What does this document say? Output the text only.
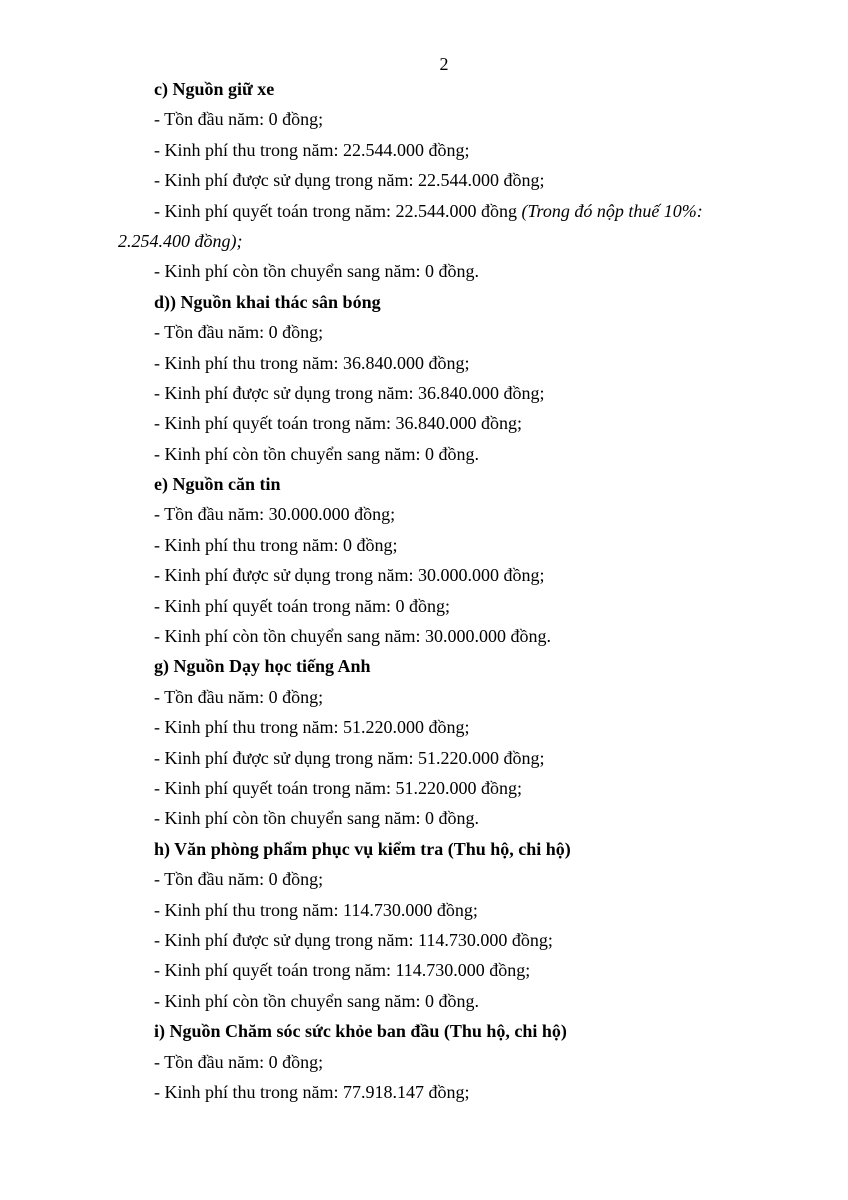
2
c) Nguồn giữ xe
- Tồn đầu năm: 0 đồng;
- Kinh phí thu trong năm: 22.544.000 đồng;
- Kinh phí được sử dụng trong năm: 22.544.000 đồng;
- Kinh phí quyết toán trong năm: 22.544.000 đồng (Trong đó nộp thuế 10%:
2.254.400 đồng);
- Kinh phí còn tồn chuyển sang năm: 0 đồng.
d)) Nguồn khai thác sân bóng
- Tồn đầu năm: 0 đồng;
- Kinh phí thu trong năm: 36.840.000 đồng;
- Kinh phí được sử dụng trong năm: 36.840.000 đồng;
- Kinh phí quyết toán trong năm: 36.840.000 đồng;
- Kinh phí còn tồn chuyển sang năm: 0 đồng.
e) Nguồn căn tin
- Tồn đầu năm: 30.000.000 đồng;
- Kinh phí thu trong năm: 0 đồng;
- Kinh phí được sử dụng trong năm: 30.000.000 đồng;
- Kinh phí quyết toán trong năm: 0 đồng;
- Kinh phí còn tồn chuyển sang năm: 30.000.000 đồng.
g) Nguồn Dạy học tiếng Anh
- Tồn đầu năm: 0 đồng;
- Kinh phí thu trong năm: 51.220.000 đồng;
- Kinh phí được sử dụng trong năm: 51.220.000 đồng;
- Kinh phí quyết toán trong năm: 51.220.000 đồng;
- Kinh phí còn tồn chuyển sang năm: 0 đồng.
h) Văn phòng phẩm phục vụ kiểm tra (Thu hộ, chi hộ)
- Tồn đầu năm: 0 đồng;
- Kinh phí thu trong năm: 114.730.000 đồng;
- Kinh phí được sử dụng trong năm: 114.730.000 đồng;
- Kinh phí quyết toán trong năm: 114.730.000 đồng;
- Kinh phí còn tồn chuyển sang năm: 0 đồng.
i) Nguồn Chăm sóc sức khỏe ban đầu (Thu hộ, chi hộ)
- Tồn đầu năm: 0 đồng;
- Kinh phí thu trong năm: 77.918.147 đồng;
